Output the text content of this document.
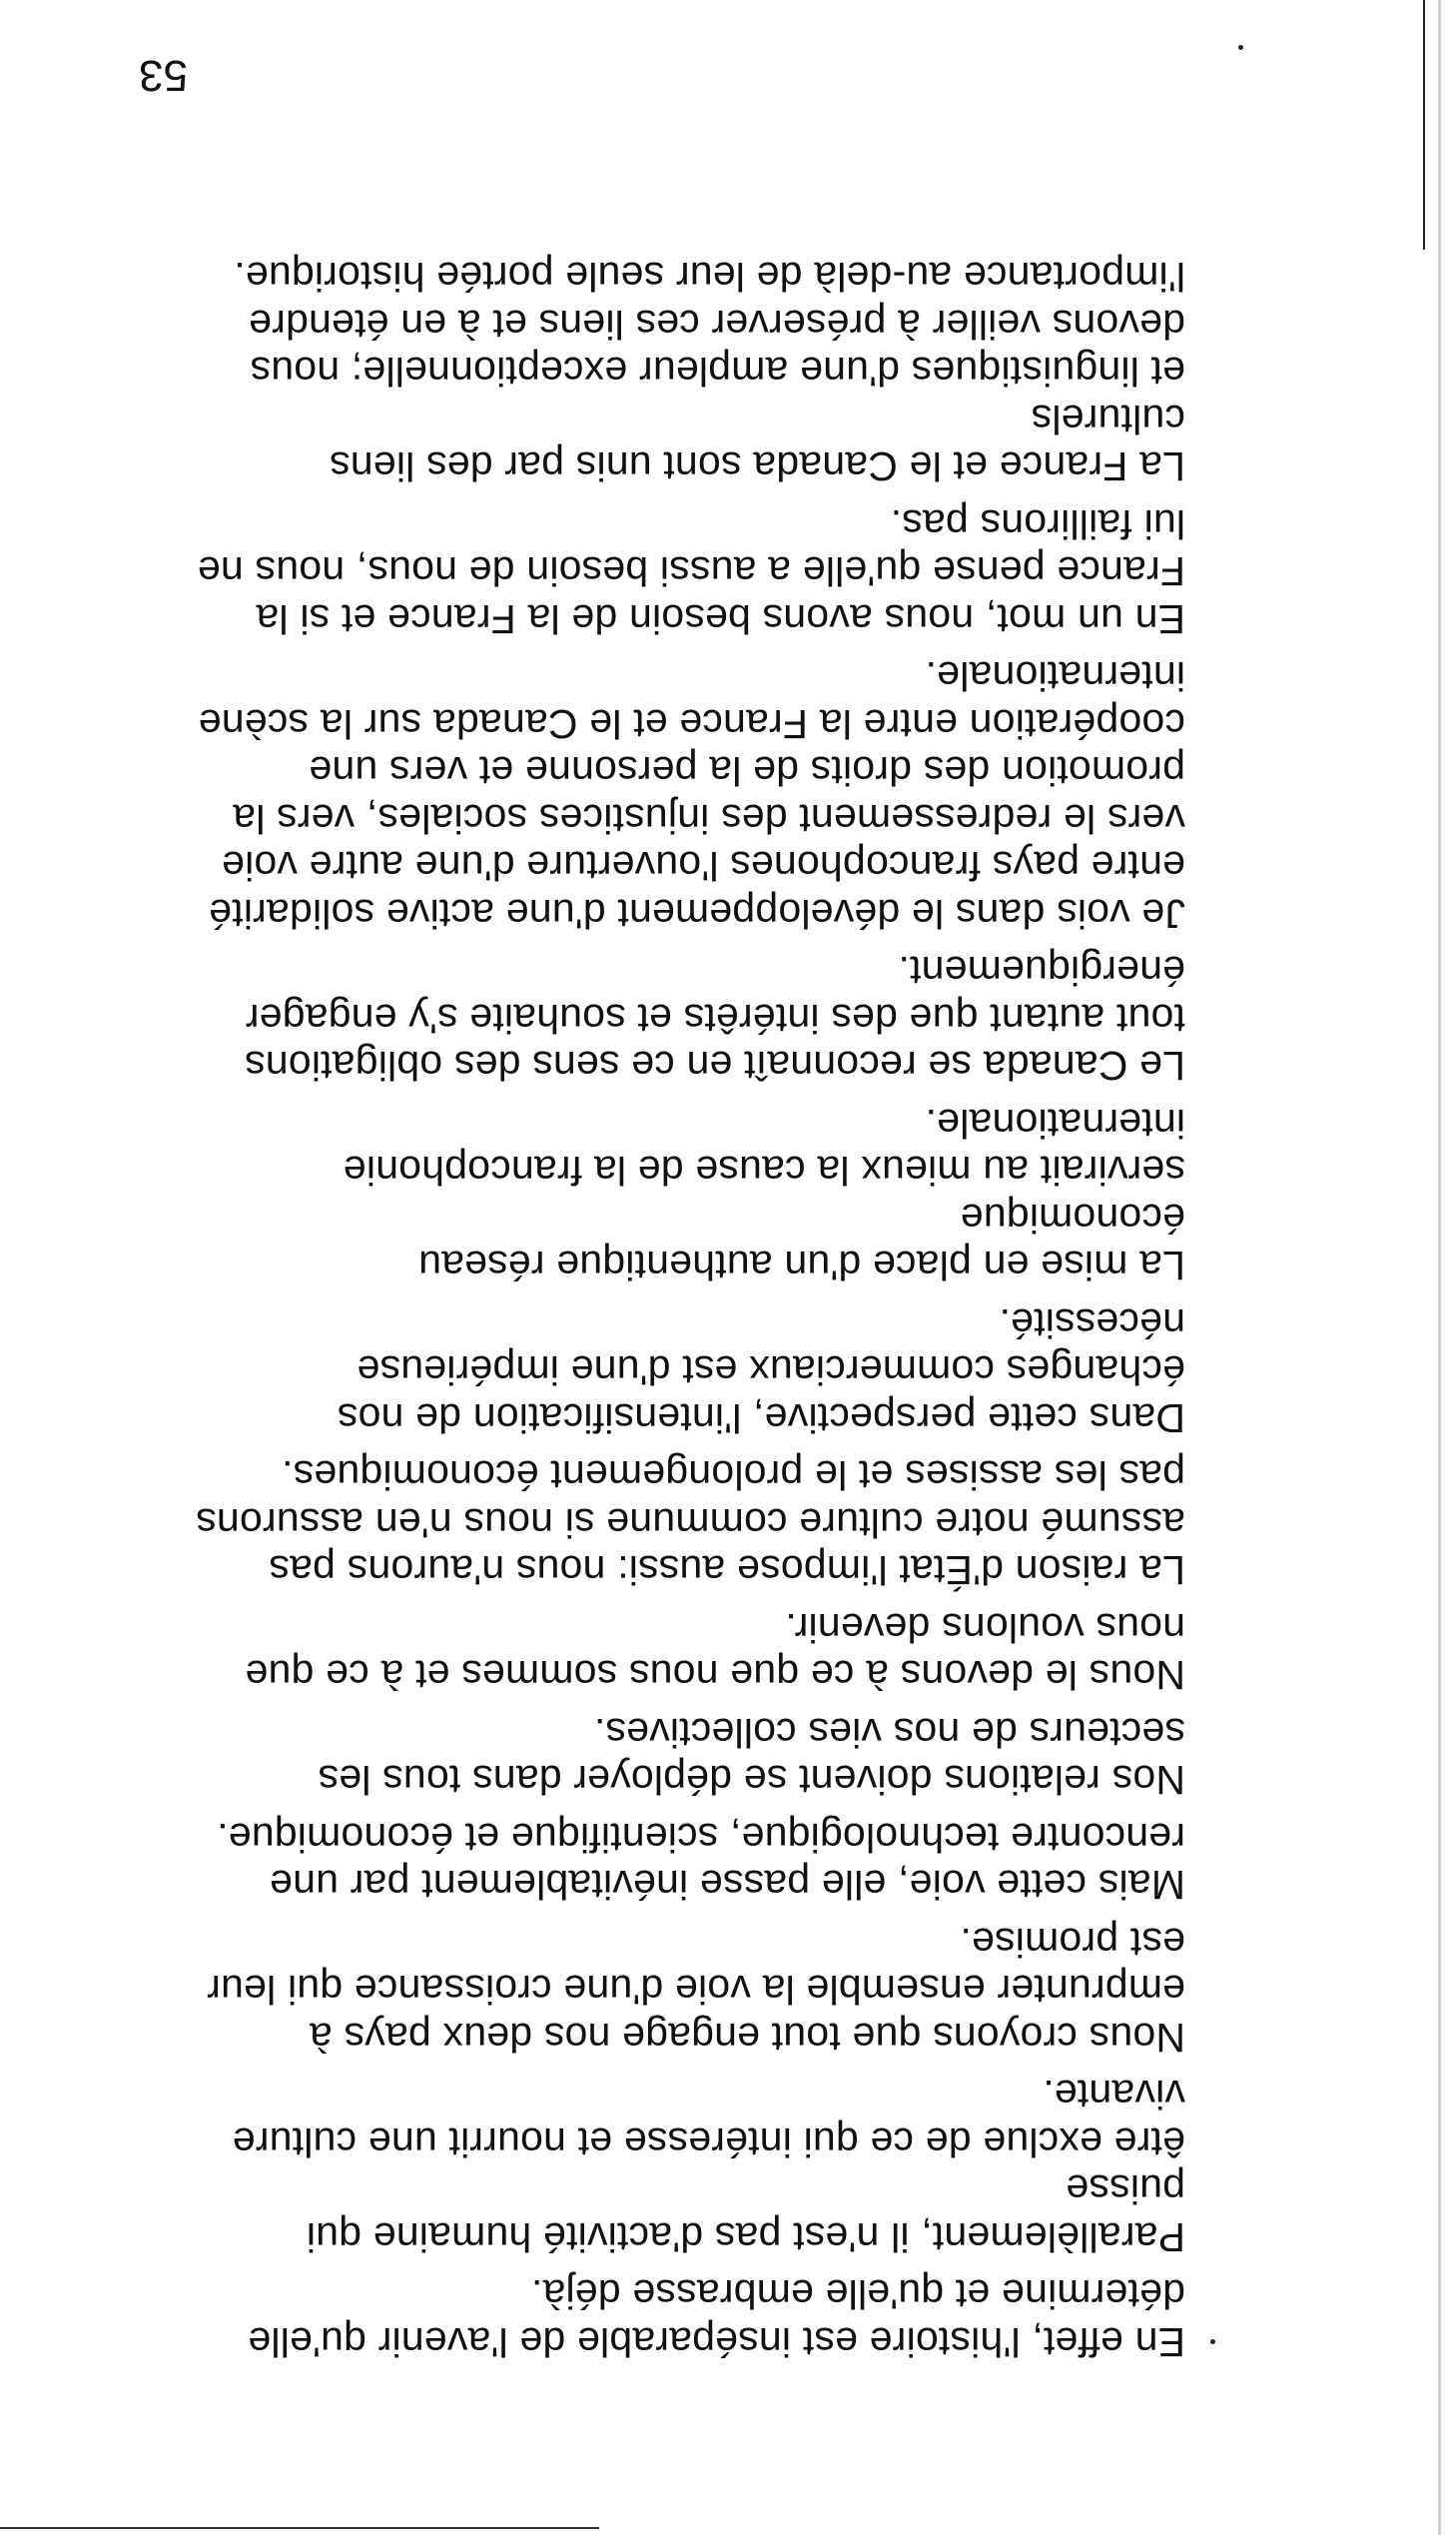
En effet, l'histoire est inséparable de l'avenir qu'elle
détermine et qu'elle embrasse déjà.

Parallèlement, il n'est pas d'activité humaine qui puisse
être exclue de ce qui intéresse et nourrit une culture
vivante.

Nous croyons que tout engage nos deux pays à
emprunter ensemble la voie d'une croissance qui leur
est promise.

Mais cette voie, elle passe inévitablement par une
rencontre technologique, scientifique et économique.

Nos relations doivent se déployer dans tous les
secteurs de nos vies collectives.

Nous le devons à ce que nous sommes et à ce que
nous voulons devenir.

La raison d'État l'impose aussi: nous n'aurons pas
assumé notre culture commune si nous n'en assurons
pas les assises et le prolongement économiques.

Dans cette perspective, l'intensification de nos
échanges commerciaux est d'une impérieuse
nécessité.

La mise en place d'un authentique réseau économique
servirait au mieux la cause de la francophonie
internationale.

Le Canada se reconnaît en ce sens des obligations
tout autant que des intérêts et souhaite s'y engager
énergiquement.

Je vois dans le développement d'une active solidarité
entre pays francophones l'ouverture d'une autre voie
vers le redressement des injustices sociales, vers la
promotion des droits de la personne et vers une
coopération entre la France et le Canada sur la scène
internationale.

En un mot, nous avons besoin de la France et si la
France pense qu'elle a aussi besoin de nous, nous ne
lui faillirons pas.

La France et le Canada sont unis par des liens culturels
et linguistiques d'une ampleur exceptionnelle; nous
devons veiller à préserver ces liens et à en étendre
l'importance au-delà de leur seule portée historique.

53
